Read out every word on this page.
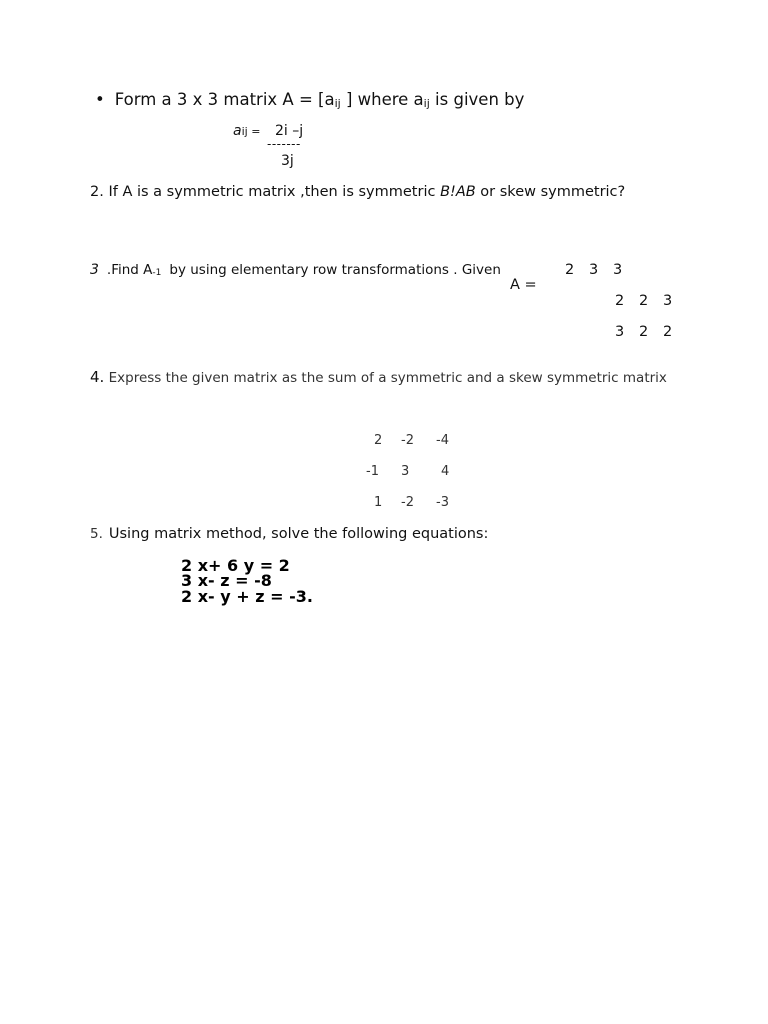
• Form a 3 x 3 matrix A = [aij ] where aij is given by
aij = 2i –j
-------
3j
2. If A is a symmetric matrix ,then is symmetric B!AB or skew symmetric?
3 .Find A-1 by using elementary row transformations . Given
A =
2 3 3
2 2 3
3 2 2
4. Express the given matrix as the sum of a symmetric and a skew symmetric matrix
2 -2 -4
-1 3 4
1 -2 -3
5. Using matrix method, solve the following equations:
2 x+ 6 y = 2
3 x- z = -8
2 x- y + z = -3.
